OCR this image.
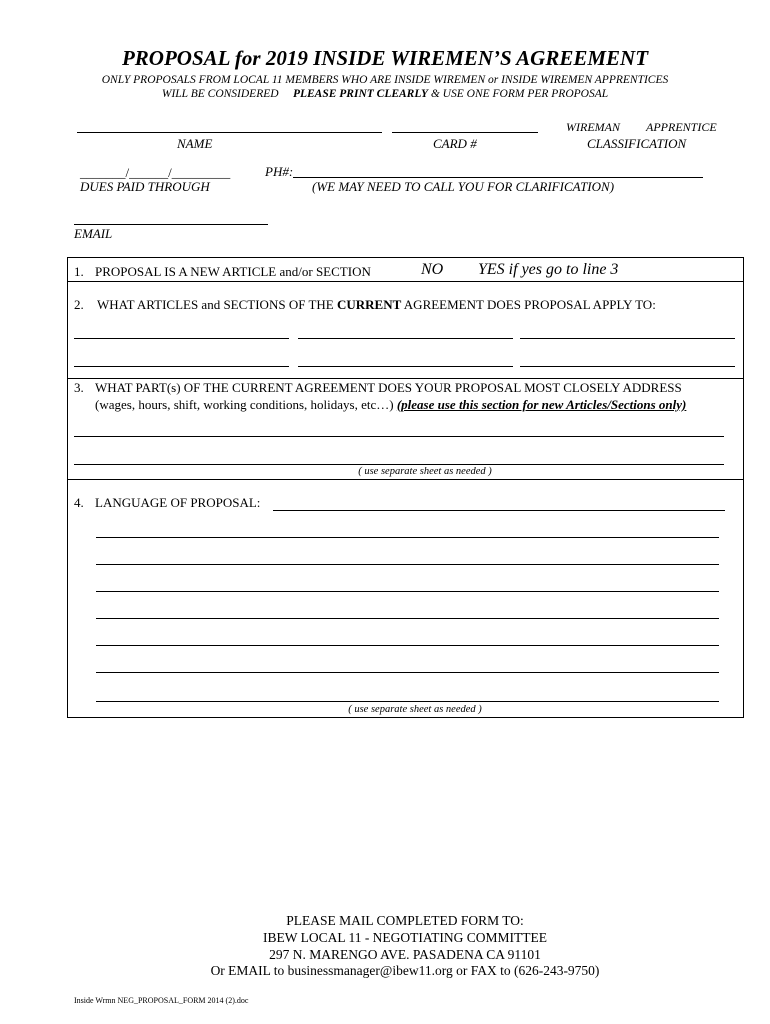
PROPOSAL for 2019 INSIDE WIREMEN’S AGREEMENT
ONLY PROPOSALS FROM LOCAL 11 MEMBERS WHO ARE INSIDE WIREMEN or INSIDE WIREMEN APPRENTICES
WILL BE CONSIDERED PLEASE PRINT CLEARLY & USE ONE FORM PER PROPOSAL
NAME	CARD #
WIREMAN APPRENTICE
CLASSIFICATION
_______/______/_________
DUES PAID THROUGH
PH#:
(WE MAY NEED TO CALL YOU FOR CLARIFICATION)
EMAIL
1. PROPOSAL IS A NEW ARTICLE and/or SECTION	NO YES if yes go to line 3
2. WHAT ARTICLES and SECTIONS OF THE CURRENT AGREEMENT DOES PROPOSAL APPLY TO:
3. WHAT PART(s) OF THE CURRENT AGREEMENT DOES YOUR PROPOSAL MOST CLOSELY ADDRESS
(wages, hours, shift, working conditions, holidays, etc…) (please use this section for new Articles/Sections only)
( use separate sheet as needed )
4. LANGUAGE OF PROPOSAL:
( use separate sheet as needed )
PLEASE MAIL COMPLETED FORM TO:
IBEW LOCAL 11 - NEGOTIATING COMMITTEE
297 N. MARENGO AVE. PASADENA CA 91101
Or EMAIL to businessmanager@ibew11.org or FAX to (626-243-9750)
Inside Wrmn NEG_PROPOSAL_FORM 2014 (2).doc
